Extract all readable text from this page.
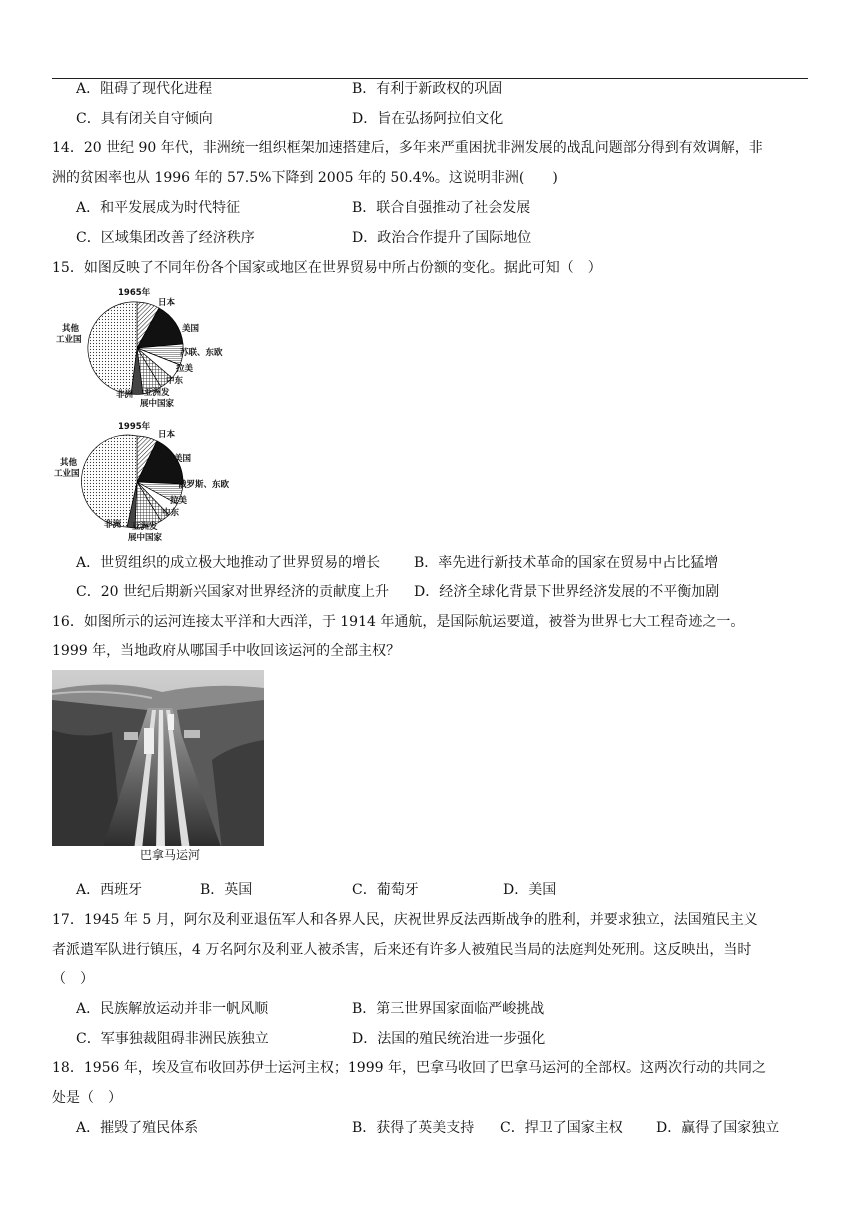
A．阻碍了现代化进程	B．有利于新政权的巩固
C．具有闭关自守倾向	D．旨在弘扬阿拉伯文化
14．20 世纪 90 年代，非洲统一组织框架加速搭建后，多年来严重困扰非洲发展的战乱问题部分得到有效调解，非
洲的贫困率也从 1996 年的 57.5%下降到 2005 年的 50.4%。这说明非洲(　　)
A．和平发展成为时代特征	B．联合自强推动了社会发展
C．区域集团改善了经济秩序	D．政治合作提升了国际地位
15．如图反映了不同年份各个国家或地区在世界贸易中所占份额的变化。据此可知（　）
1965年
日本
美国
苏联、东欧
拉美
中东
亚洲发
展中国家
非洲
其他
工业国
1995年
日本
美国
俄罗斯、东欧
拉美
中东
亚洲发
展中国家
非洲
其他
工业国
A．世贸组织的成立极大地推动了世界贸易的增长 B．率先进行新技术革命的国家在贸易中占比猛增
C．20 世纪后期新兴国家对世界经济的贡献度上升 D．经济全球化背景下世界经济发展的不平衡加剧
16．如图所示的运河连接太平洋和大西洋，于 1914 年通航，是国际航运要道，被誉为世界七大工程奇迹之一。
1999 年，当地政府从哪国手中收回该运河的全部主权？
巴拿马运河
A．西班牙	B．英国	C．葡萄牙	D．美国
17．1945 年 5 月，阿尔及利亚退伍军人和各界人民，庆祝世界反法西斯战争的胜利，并要求独立，法国殖民主义
者派遣军队进行镇压，4 万名阿尔及利亚人被杀害，后来还有许多人被殖民当局的法庭判处死刑。这反映出，当时
（　）
A．民族解放运动并非一帆风顺	B．第三世界国家面临严峻挑战
C．军事独裁阻碍非洲民族独立	D．法国的殖民统治进一步强化
18．1956 年，埃及宣布收回苏伊士运河主权；1999 年，巴拿马收回了巴拿马运河的全部权。这两次行动的共同之
处是（　）
A．摧毁了殖民体系	B．获得了英美支持 C．捍卫了国家主权 D．赢得了国家独立
